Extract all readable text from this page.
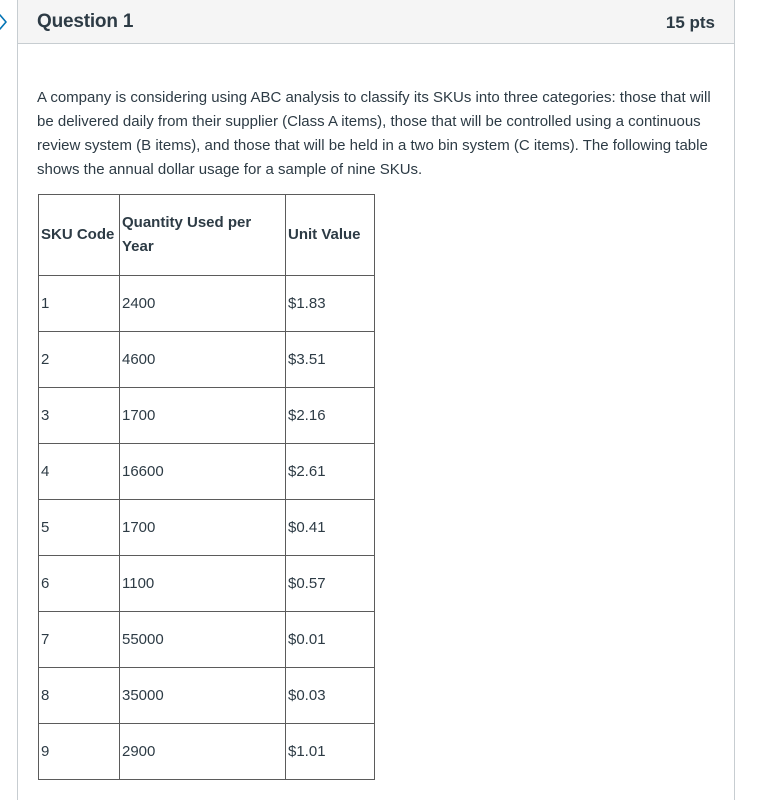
Question 1	15 pts

A company is considering using ABC analysis to classify its SKUs into three categories: those that will be delivered daily from their supplier (Class A items), those that will be controlled using a continuous review system (B items), and those that will be held in a two bin system (C items). The following table shows the annual dollar usage for a sample of nine SKUs.

SKU Code	Quantity Used per Year	Unit Value
1	2400	$1.83
2	4600	$3.51
3	1700	$2.16
4	16600	$2.61
5	1700	$0.41
6	1100	$0.57
7	55000	$0.01
8	35000	$0.03
9	2900	$1.01
